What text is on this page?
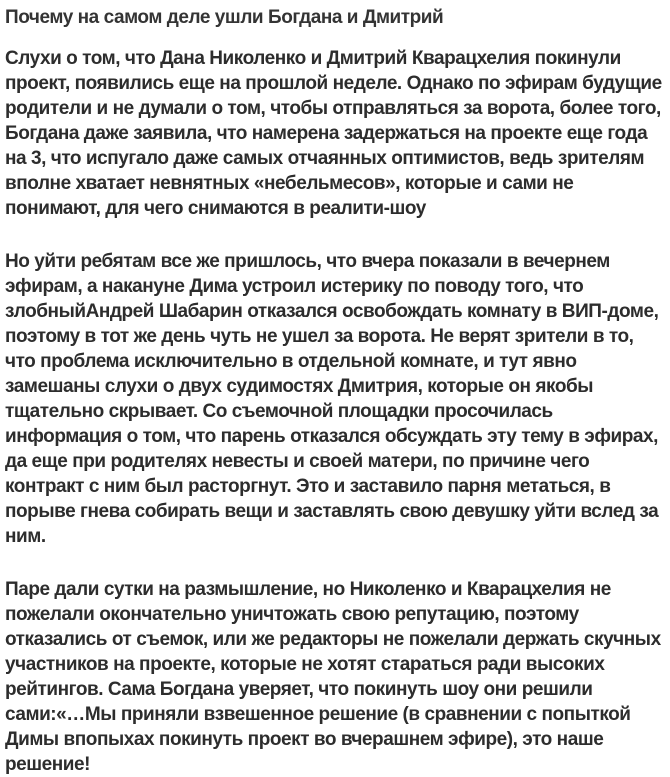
Почему на самом деле ушли Богдана и Дмитрий

Слухи о том, что Дана Николенко и Дмитрий Кварацхелия покинули проект, появились еще на прошлой неделе. Однако по эфирам будущие родители и не думали о том, чтобы отправляться за ворота, более того, Богдана даже заявила, что намерена задержаться на проекте еще года на 3, что испугало даже самых отчаянных оптимистов, ведь зрителям вполне хватает невнятных «небельмесов», которые и сами не понимают, для чего снимаются в реалити-шоу

Но уйти ребятам все же пришлось, что вчера показали в вечернем эфирам, а накануне Дима устроил истерику по поводу того, что злобныйАндрей Шабарин отказался освобождать комнату в ВИП-доме, поэтому в тот же день чуть не ушел за ворота. Не верят зрители в то, что проблема исключительно в отдельной комнате, и тут явно замешаны слухи о двух судимостях Дмитрия, которые он якобы тщательно скрывает. Со съемочной площадки просочилась информация о том, что парень отказался обсуждать эту тему в эфирах, да еще при родителях невесты и своей матери, по причине чего контракт с ним был расторгнут. Это и заставило парня метаться, в порыве гнева собирать вещи и заставлять свою девушку уйти вслед за ним.

Паре дали сутки на размышление, но Николенко и Кварацхелия не пожелали окончательно уничтожать свою репутацию, поэтому отказались от съемок, или же редакторы не пожелали держать скучных участников на проекте, которые не хотят стараться ради высоких рейтингов. Сама Богдана уверяет, что покинуть шоу они решили сами:«…Мы приняли взвешенное решение (в сравнении с попыткой Димы впопыхах покинуть проект во вчерашнем эфире), это наше решение!
